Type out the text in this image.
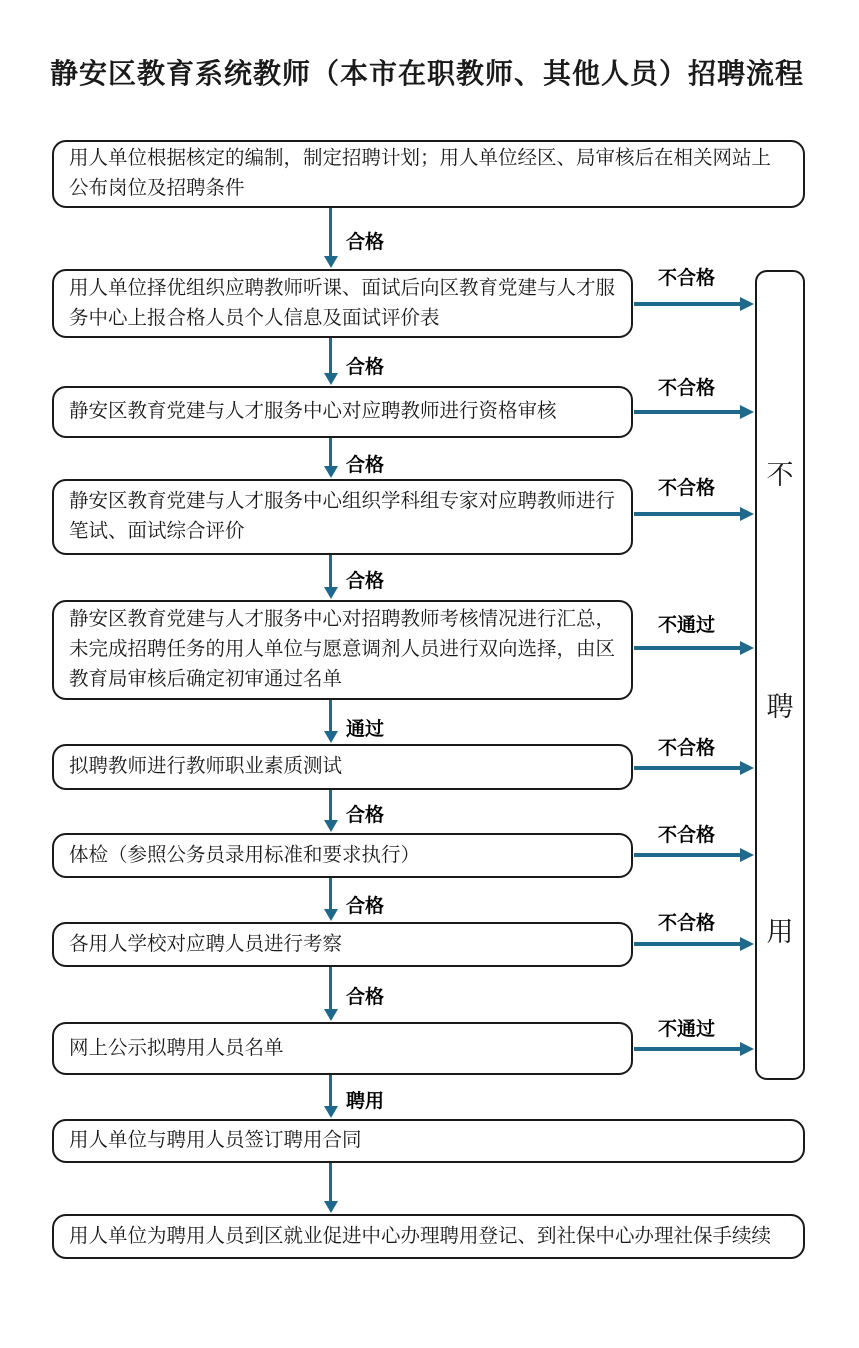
静安区教育系统教师（本市在职教师、其他人员）招聘流程
用人单位根据核定的编制，制定招聘计划；用人单位经区、局审核后在相关网站上公布岗位及招聘条件
用人单位择优组织应聘教师听课、面试后向区教育党建与人才服务中心上报合格人员个人信息及面试评价表
静安区教育党建与人才服务中心对应聘教师进行资格审核
静安区教育党建与人才服务中心组织学科组专家对应聘教师进行笔试、面试综合评价
静安区教育党建与人才服务中心对招聘教师考核情况进行汇总，未完成招聘任务的用人单位与愿意调剂人员进行双向选择，由区教育局审核后确定初审通过名单
拟聘教师进行教师职业素质测试
体检（参照公务员录用标准和要求执行）
各用人学校对应聘人员进行考察
网上公示拟聘用人员名单
用人单位与聘用人员签订聘用合同
用人单位为聘用人员到区就业促进中心办理聘用登记、到社保中心办理社保手续续
合格
合格
合格
合格
通过
合格
合格
合格
聘用
不合格
不合格
不合格
不通过
不合格
不合格
不合格
不通过
不
聘
用
